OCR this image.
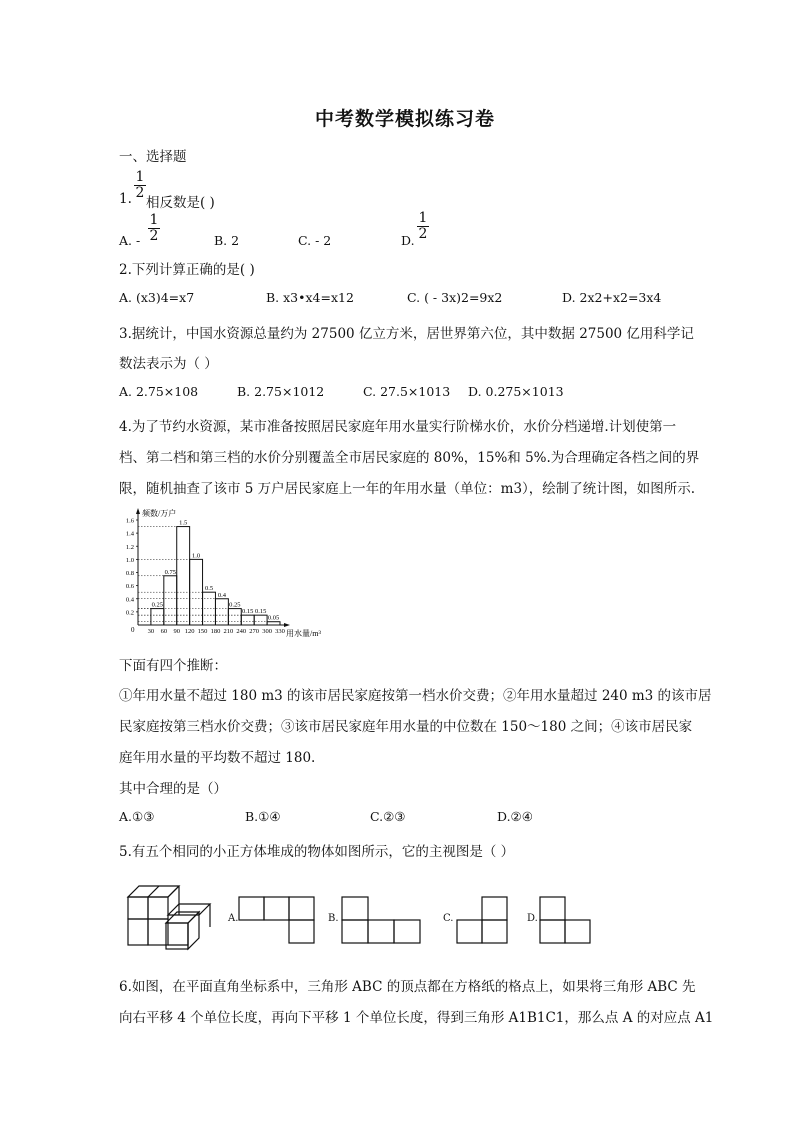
中考数学模拟练习卷
一、选择题
1.
1
2
相反数是( )
A. -
1
2	B. 2	C. - 2	D.
1
2
2.下列计算正确的是( )
A. (x3)4=x7	B. x3•x4=x12	C. ( - 3x)2=9x2	D. 2x2+x2=3x4
3.据统计，中国水资源总量约为 27500 亿立方米，居世界第六位，其中数据 27500 亿用科学记
数法表示为（ ）
A. 2.75×108	B. 2.75×1012	C. 27.5×1013 D. 0.275×1013
4.为了节约水资源，某市准备按照居民家庭年用水量实行阶梯水价，水价分档递增.计划使第一
档、第二档和第三档的水价分别覆盖全市居民家庭的 80%，15%和 5%.为合理确定各档之间的界
限，随机抽查了该市 5 万户居民家庭上一年的年用水量（单位：m3），绘制了统计图，如图所示.
频数/万户
用水量/m³
0
0.2
0.4
0.6
0.8
1.0
1.2
1.4
1.6
0.25
0.75
1.5
1.0
0.5
0.4
0.25
0.15 0.15
0.05
30 60 90 120 150 180 210 240 270 300 330
下面有四个推断：
①年用水量不超过 180 m3 的该市居民家庭按第一档水价交费；②年用水量超过 240 m3 的该市居
民家庭按第三档水价交费；③该市居民家庭年用水量的中位数在 150～180 之间；④该市居民家
庭年用水量的平均数不超过 180.
其中合理的是（）
A.①③	B.①④	C.②③	D.②④
5.有五个相同的小正方体堆成的物体如图所示，它的主视图是（ ）
A.	B.	C.	D.
6.如图，在平面直角坐标系中，三角形 ABC 的顶点都在方格纸的格点上，如果将三角形 ABC 先
向右平移 4 个单位长度，再向下平移 1 个单位长度，得到三角形 A1B1C1，那么点 A 的对应点 A1
